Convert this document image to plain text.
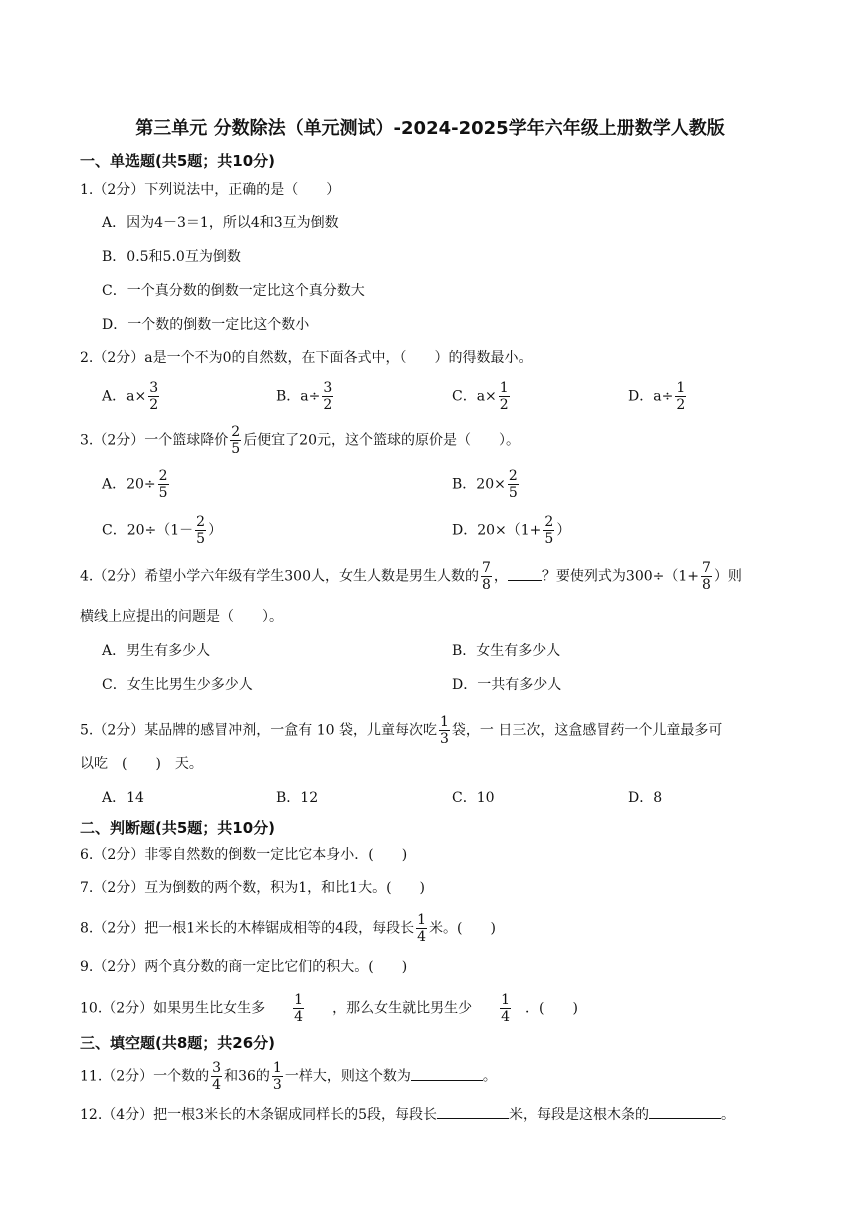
第三单元 分数除法（单元测试）-2024-2025学年六年级上册数学人教版
一、单选题(共5题；共10分)
1.（2分）下列说法中，正确的是（　　）
A．因为4－3＝1，所以4和3互为倒数
B．0.5和5.0互为倒数
C．一个真分数的倒数一定比这个真分数大
D．一个数的倒数一定比这个数小
2.（2分）a是一个不为0的自然数，在下面各式中，（　　）的得数最小。
A．$a\times \frac{3}{2}$	B．$a\div \frac{3}{2}$	C．$a\times \frac{1}{2}$	D．$a\div \frac{1}{2}$
3.（2分）一个篮球降价 $\frac{2}{5}$ 后便宜了20元，这个篮球的原价是（　　）。
A．$20\div \frac{2}{5}$	B．$20\times \frac{2}{5}$
C．$20\div(1- \frac{2}{5}$ ）	D．$20\times(1+ \frac{2}{5}$ ）
4.（2分）希望小学六年级有学生300人，女生人数是男生人数的 $\frac{7}{8}$ ， ？要使列式为$300\div(1+ \frac{7}{8}$ ）则
横线上应提出的问题是（　　）。
A．男生有多少人	B．女生有多少人
C．女生比男生少多少人	D．一共有多少人
5.（2分）某品牌的感冒冲剂，一盒有 10 袋，儿童每次吃 $\frac{1}{3}$ 袋，一 日三次，这盒感冒药一个儿童最多可
以吃　(　　)　天。
A．14	B．12	C．10	D．8
二、判断题(共5题；共10分)
6.（2分）非零自然数的倒数一定比它本身小．(　　)
7.（2分）互为倒数的两个数，积为1，和比1大。(　　)
8.（2分）把一根1米长的木棒锯成相等的4段，每段长 $\frac{1}{4}$ 米。(　　)
9.（2分）两个真分数的商一定比它们的积大。(　　)
10.（2分）如果男生比女生多 $\frac{1}{4}$ ，那么女生就比男生少 $\frac{1}{4}$ ．(　　)
三、填空题(共8题；共26分)
11.（2分）一个数的 $\frac{3}{4}$ 和36的 $\frac{1}{3}$ 一样大，则这个数为	。
12.（4分）把一根3米长的木条锯成同样长的5段，每段长	米，每段是这根木条的	。
